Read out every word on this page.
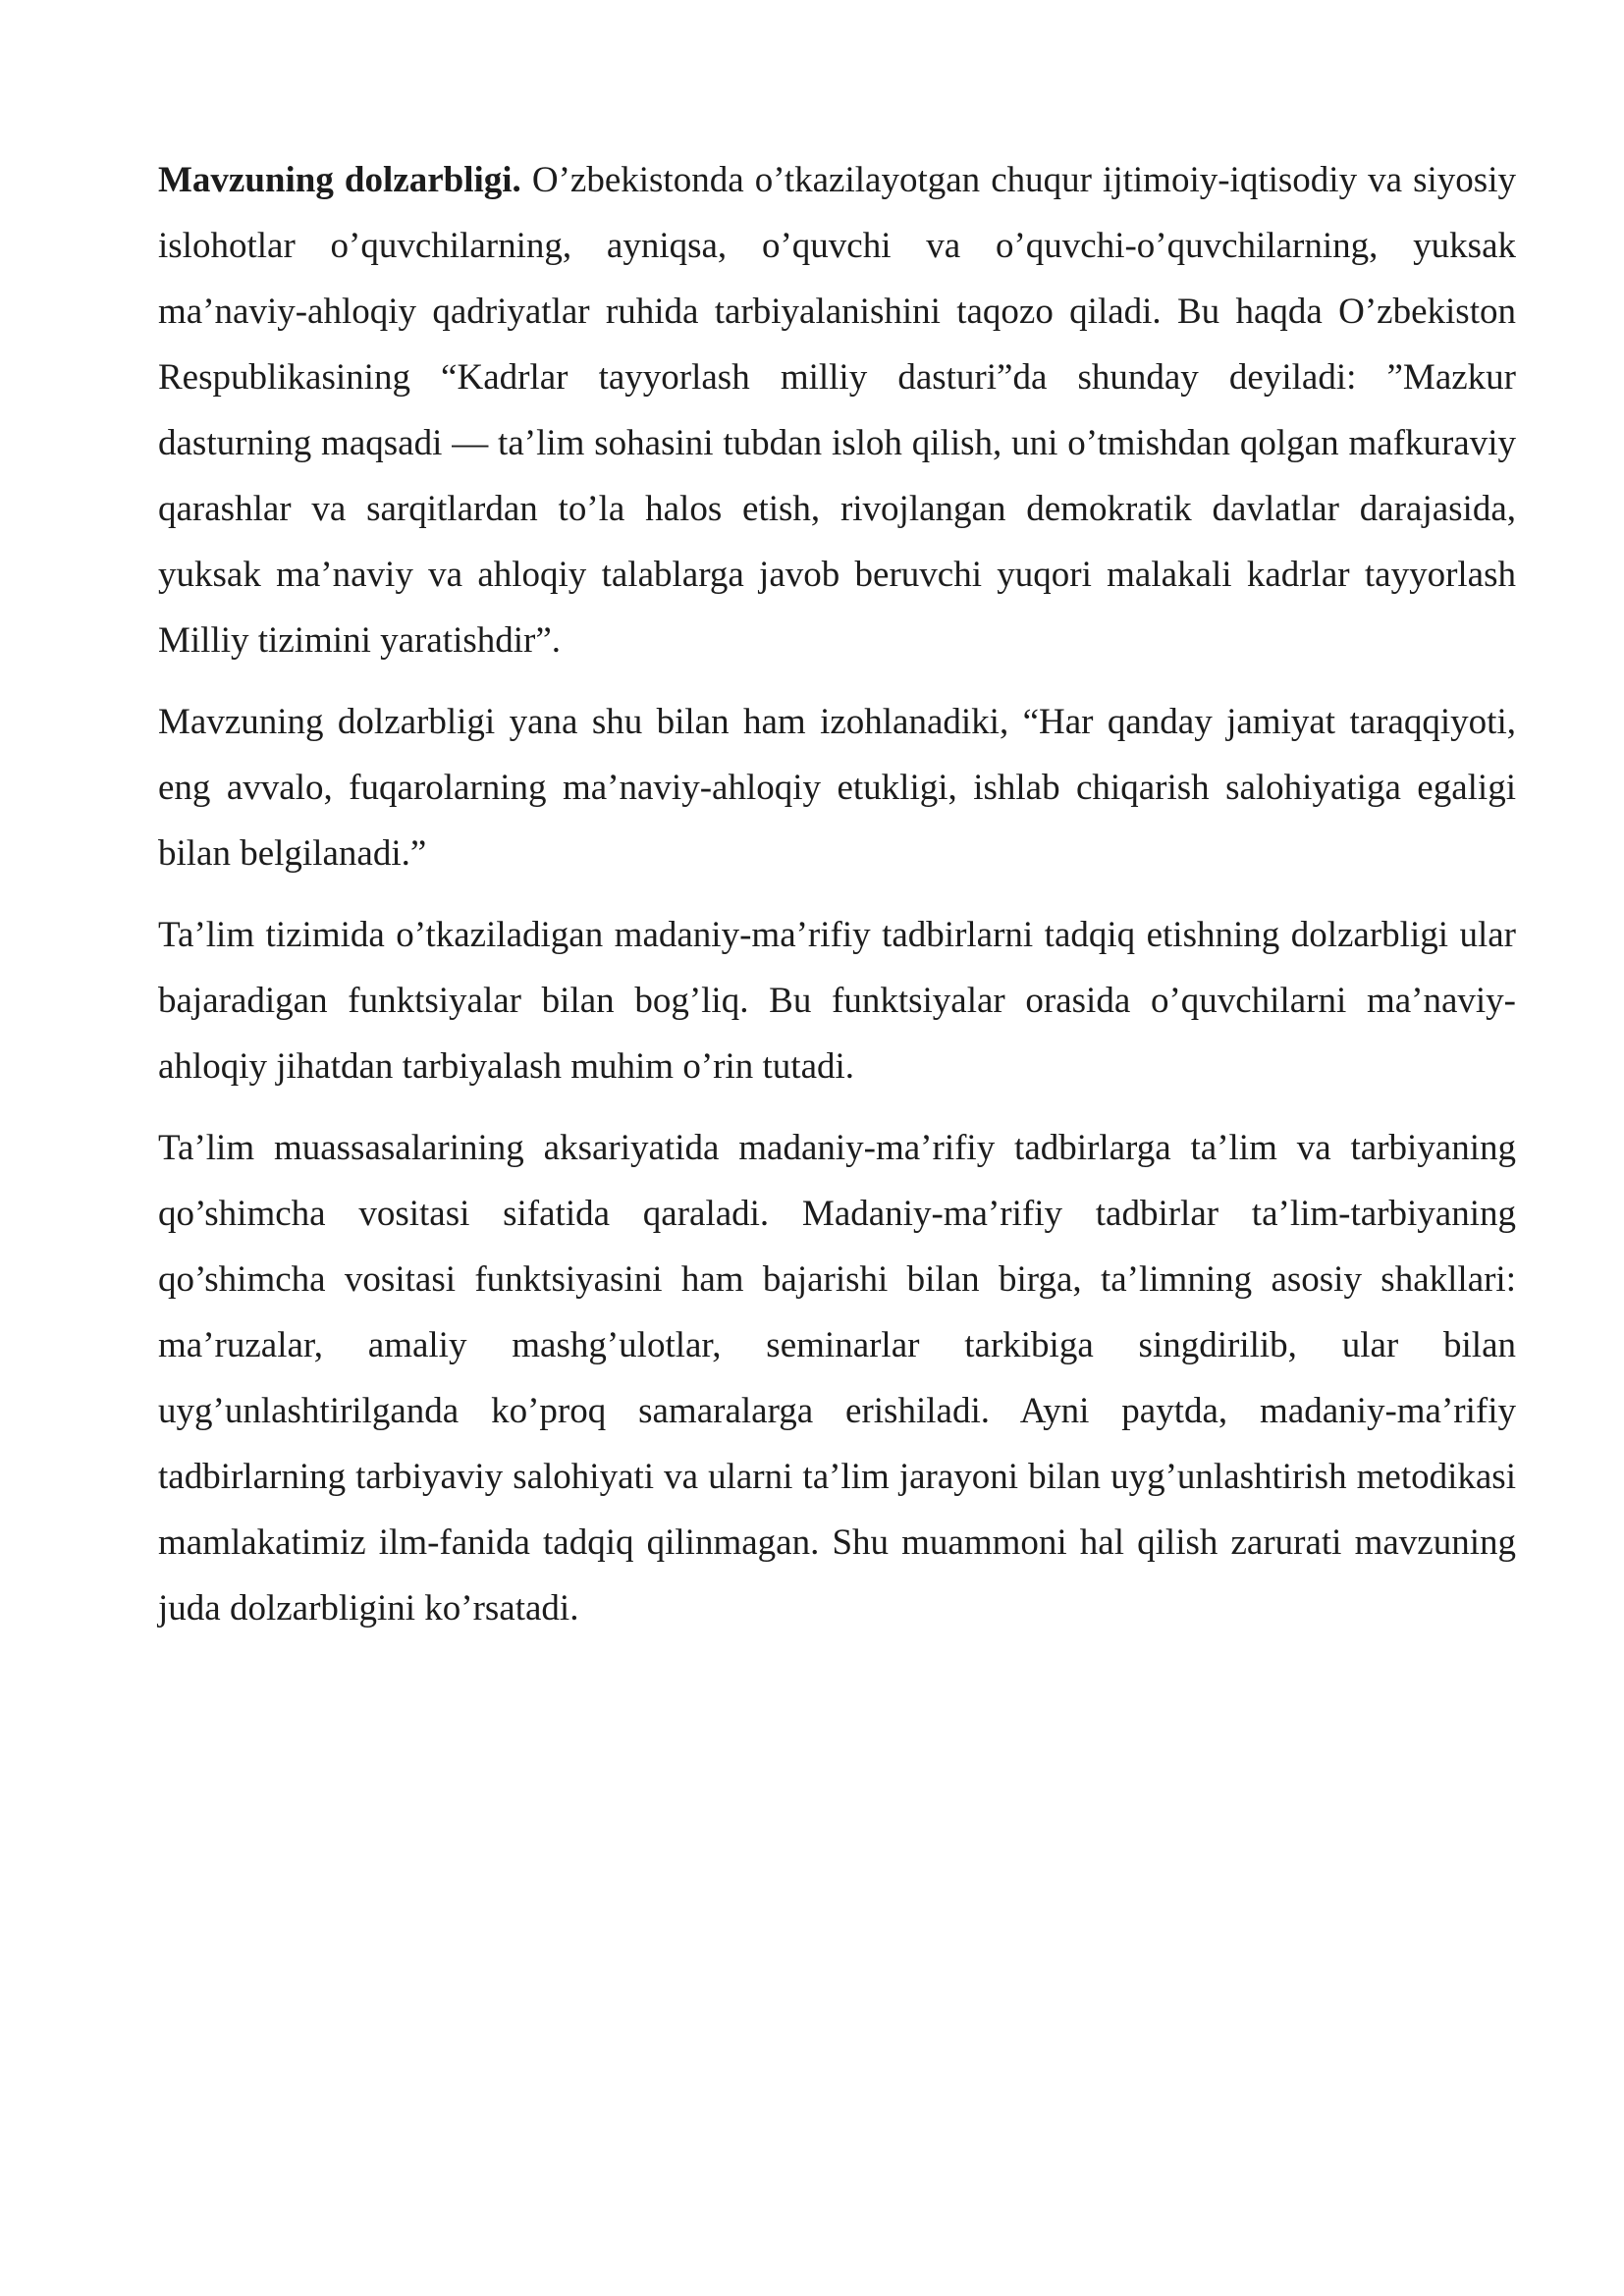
Mavzuning dolzarbligi. O’zbekistonda o’tkazilayotgan chuqur ijtimoiy-iqtisodiy va siyosiy islohotlar o’quvchilarning, ayniqsa, o’quvchi va o’quvchi-o’quvchilarning, yuksak ma’naviy-ahloqiy qadriyatlar ruhida tarbiyalanishini taqozo qiladi. Bu haqda O’zbekiston Respublikasining “Kadrlar tayyorlash milliy dasturi”da shunday deyiladi: ”Mazkur dasturning maqsadi — ta’lim sohasini tubdan isloh qilish, uni o’tmishdan qolgan mafkuraviy qarashlar va sarqitlardan to’la halos etish, rivojlangan demokratik davlatlar darajasida, yuksak ma’naviy va ahloqiy talablarga javob beruvchi yuqori malakali kadrlar tayyorlash Milliy tizimini yaratishdir”.

Mavzuning dolzarbligi yana shu bilan ham izohlanadiki, “Har qanday jamiyat taraqqiyoti, eng avvalo, fuqarolarning ma’naviy-ahloqiy etukligi, ishlab chiqarish salohiyatiga egaligi bilan belgilanadi.”

Ta’lim tizimida o’tkaziladigan madaniy-ma’rifiy tadbirlarni tadqiq etishning dolzarbligi ular bajaradigan funktsiyalar bilan bog’liq. Bu funktsiyalar orasida o’quvchilarni ma’naviy-ahloqiy jihatdan tarbiyalash muhim o’rin tutadi.

Ta’lim muassasalarining aksariyatida madaniy-ma’rifiy tadbirlarga ta’lim va tarbiyaning qo’shimcha vositasi sifatida qaraladi. Madaniy-ma’rifiy tadbirlar ta’lim-tarbiyaning qo’shimcha vositasi funktsiyasini ham bajarishi bilan birga, ta’limning asosiy shakllari: ma’ruzalar, amaliy mashg’ulotlar, seminarlar tarkibiga singdirilib, ular bilan uyg’unlashtirilganda ko’proq samaralarga erishiladi. Ayni paytda, madaniy-ma’rifiy tadbirlarning tarbiyaviy salohiyati va ularni ta’lim jarayoni bilan uyg’unlashtirish metodikasi mamlakatimiz ilm-fanida tadqiq qilinmagan. Shu muammoni hal qilish zarurati mavzuning juda dolzarbligini ko’rsatadi.
